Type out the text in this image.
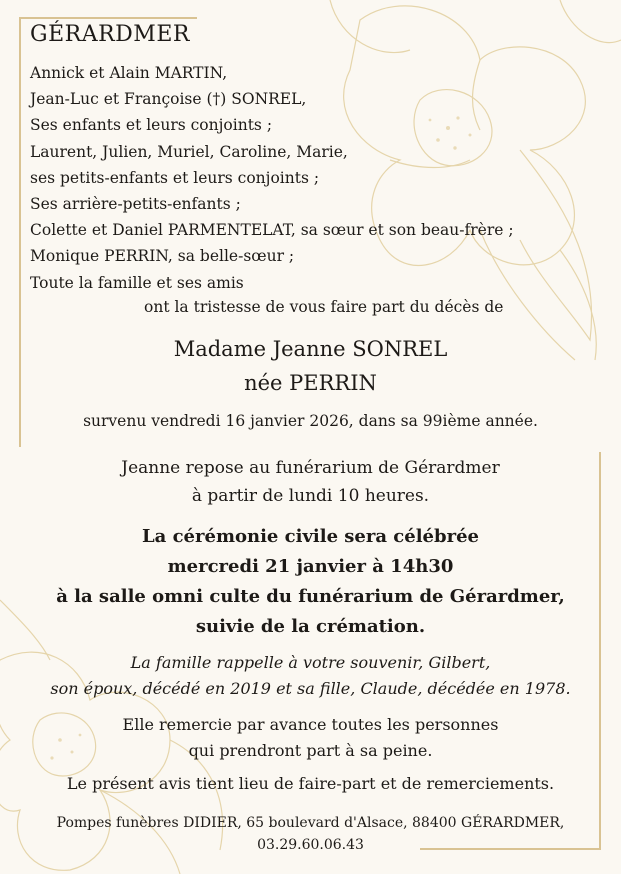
GÉRARDMER
Annick et Alain MARTIN,
Jean-Luc et Françoise (†) SONREL,
Ses enfants et leurs conjoints ;
Laurent, Julien, Muriel, Caroline, Marie,
ses petits-enfants et leurs conjoints ;
Ses arrière-petits-enfants ;
Colette et Daniel PARMENTELAT, sa sœur et son beau-frère ;
Monique PERRIN, sa belle-sœur ;
Toute la famille et ses amis
ont la tristesse de vous faire part du décès de
Madame Jeanne SONREL
née PERRIN
survenu vendredi 16 janvier 2026, dans sa 99ième année.
Jeanne repose au funérarium de Gérardmer
à partir de lundi 10 heures.
La cérémonie civile sera célébrée
mercredi 21 janvier à 14h30
à la salle omni culte du funérarium de Gérardmer,
suivie de la crémation.
La famille rappelle à votre souvenir, Gilbert,
son époux, décédé en 2019 et sa fille, Claude, décédée en 1978.
Elle remercie par avance toutes les personnes
qui prendront part à sa peine.
Le présent avis tient lieu de faire-part et de remerciements.
Pompes funèbres DIDIER, 65 boulevard d'Alsace, 88400 GÉRARDMER,
03.29.60.06.43
